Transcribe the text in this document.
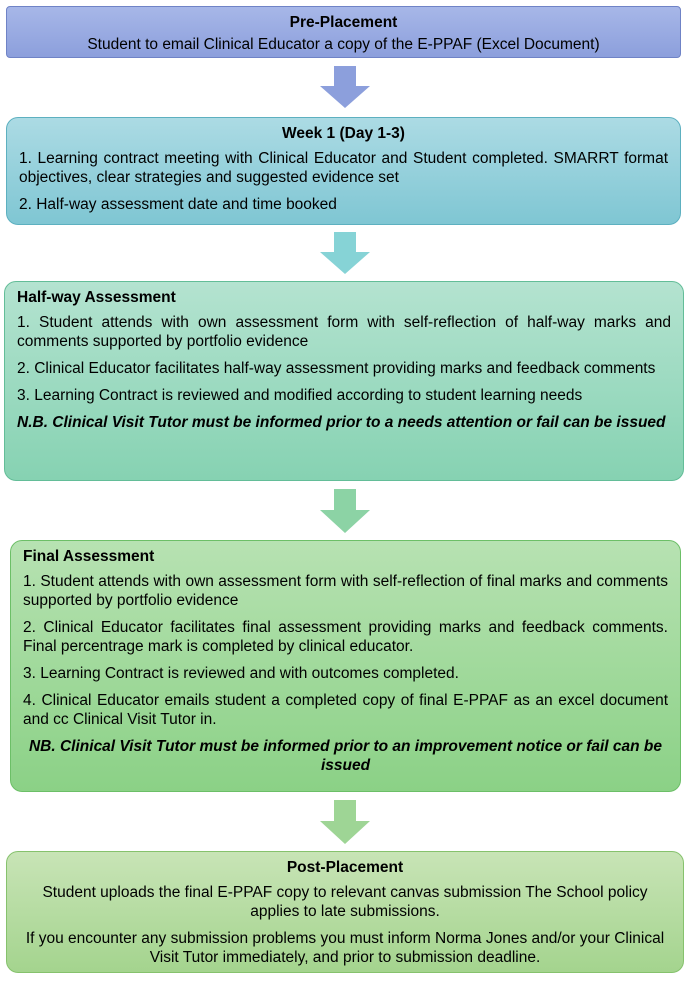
Pre-Placement

Student to email Clinical Educator a copy of the E-PPAF (Excel Document)

Week 1 (Day 1-3)

1. Learning contract meeting with Clinical Educator and Student completed. SMARRT format objectives, clear strategies and suggested evidence set

2. Half-way assessment date and time booked

Half-way Assessment

1. Student attends with own assessment form with self-reflection of half-way marks and comments supported by portfolio evidence

2. Clinical Educator facilitates half-way assessment providing marks and feedback comments

3. Learning Contract is reviewed and modified according to student learning needs

N.B. Clinical Visit Tutor must be informed prior to a needs attention or fail can be issued

Final Assessment

1. Student attends with own assessment form with self-reflection of final marks and comments supported by portfolio evidence

2. Clinical Educator facilitates final assessment providing marks and feedback comments. Final percentrage mark is completed by clinical educator.

3. Learning Contract is reviewed and with outcomes completed.

4. Clinical Educator emails student a completed copy of final E-PPAF as an excel document and cc Clinical Visit Tutor in.

NB. Clinical Visit Tutor must be informed prior to an improvement notice or fail can be issued

Post-Placement

Student uploads the final E-PPAF copy to relevant canvas submission The School policy applies to late submissions.

If you encounter any submission problems you must inform Norma Jones and/or your Clinical Visit Tutor immediately, and prior to submission deadline.
